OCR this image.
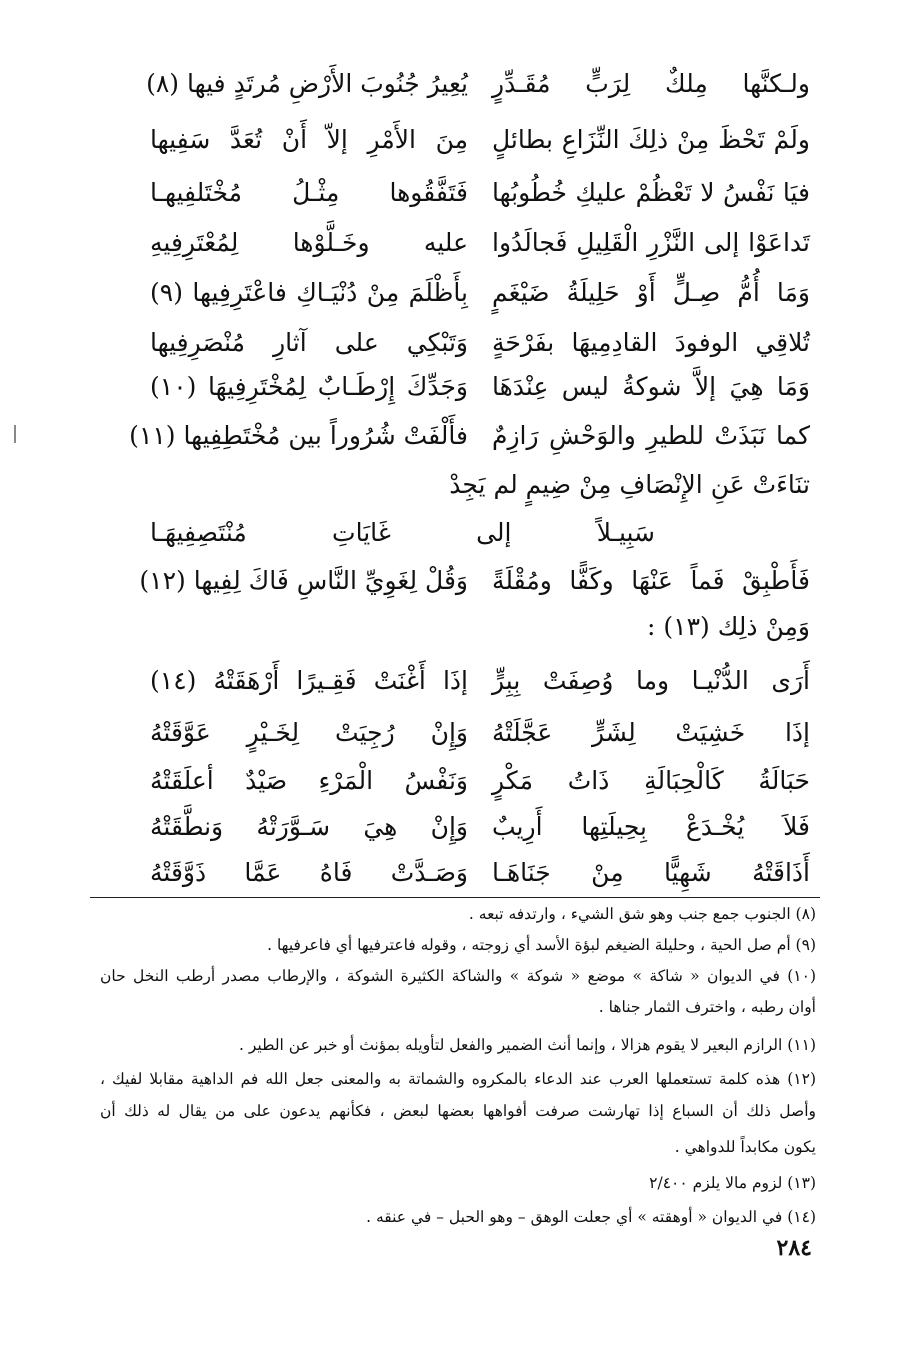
ولـكنَّها مِلكٌ لِرَبٍّ مُقَـدِّرٍ
يُعِيرُ جُنُوبَ الأَرْضِ مُرتَدٍ فيها (٨)
ولَمْ تَحْظَ مِنْ ذلِكَ النِّزَاعِ بطائلٍ
مِنَ الأَمْرِ إلاّ أَنْ تُعَدَّ سَفِيها
فيَا نَفْسُ لا تَعْظُمْ عليكِ خُطُوبُها
فَتَفَّقُوها مِثْـلُ مُخْتَلفِيهـا
تَداعَوْا إلى النَّزْرِ الْقَلِيلِ فَجالَدُوا
عليه وخَـلَّوْها لِمُعْتَرِفِيهِ
وَمَا أُمُّ صِـلٍّ أَوْ حَلِيلَةُ ضَيْغَمٍ
بِأَظْلَمَ مِنْ دُنْيَـاكِ فاعْتَرِفِيها (٩)
تُلاقِي الوفودَ القادِمِيهَا بفَرْحَةٍ
وَتَبْكِي على آثارِ مُنْصَرِفِيها
وَمَا هِيَ إلاَّ شوكةُ ليس عِنْدَهَا
وَجَدِّكَ إِرْطَـابٌ لِمُخْتَرِفِيهَا (١٠)
كما نَبَذَتْ للطيرِ والوَحْشِ رَازِمٌ
فأَلْفَتْ شُرُوراً بين مُخْتَطِفِيها (١١)
تنَاءَتْ عَنِ الإِنْصَافِ مِنْ ضِيمٍ لم يَجِدْ
سَبِيـلاً إلى غَايَاتِ مُنْتَصِفِيهَـا
فَأَطْبِقْ فَماً عَنْهَا وكَفًّا ومُقْلَةً
وَقُلْ لِغَوِيِّ النَّاسِ فَاكَ لِفِيها (١٢)
وَمِنْ ذلِك (١٣) :
أَرَى الدُّنْيـا وما وُصِفَتْ بِبِرٍّ
إذَا أَغْنَتْ فَقِـيرًا أَرْهَقَتْهُ (١٤)
إذَا خَشِيَتْ لِشَرٍّ عَجَّلَتْهُ
وَإِنْ رُجِيَتْ لِخَـيْرٍ عَوَّقَتْهُ
حَبَالَةُ كَالْحِبَالَةِ ذَاتُ مَكْرٍ
وَنَفْسُ الْمَرْءِ صَيْدٌ أعلَقَتْهُ
فَلاَ يُخْـدَعْ بِحِيلَتِها أَرِيبٌ
وَإِنْ هِيَ سَـوَّرَتْهُ وَنطَّقَتْهُ
أَذَاقَتْهُ شَهِيًّا مِنْ جَنَاهَـا
وَصَـدَّتْ فَاهُ عَمَّا ذَوَّقَتْهُ
(٨) الجنوب جمع جنب وهو شق الشيء ، وارتدفه تبعه .
(٩) أم صل الحية ، وحليلة الضيغم لبؤة الأسد أي زوجته ، وقوله فاعترفيها أي فاعرفيها .
(١٠) في الديوان « شاكة » موضع « شوكة » والشاكة الكثيرة الشوكة ، والإرطاب مصدر أرطب النخل حان
أوان رطبه ، واخترف الثمار جناها .
(١١) الرازم البعير لا يقوم هزالا ، وإنما أنث الضمير والفعل لتأويله بمؤنث أو خبر عن الطير .
(١٢) هذه كلمة تستعملها العرب عند الدعاء بالمكروه والشماتة به والمعنى جعل الله فم الداهية مقابلا لفيك ،
وأصل ذلك أن السباع إذا تهارشت صرفت أفواهها بعضها لبعض ، فكأنهم يدعون على من يقال له ذلك أن
يكون مكابداً للدواهي .
(١٣) لزوم مالا يلزم ٢/٤٠٠
(١٤) في الديوان « أوهقته » أي جعلت الوهق – وهو الحبل – في عنقه .
٢٨٤
